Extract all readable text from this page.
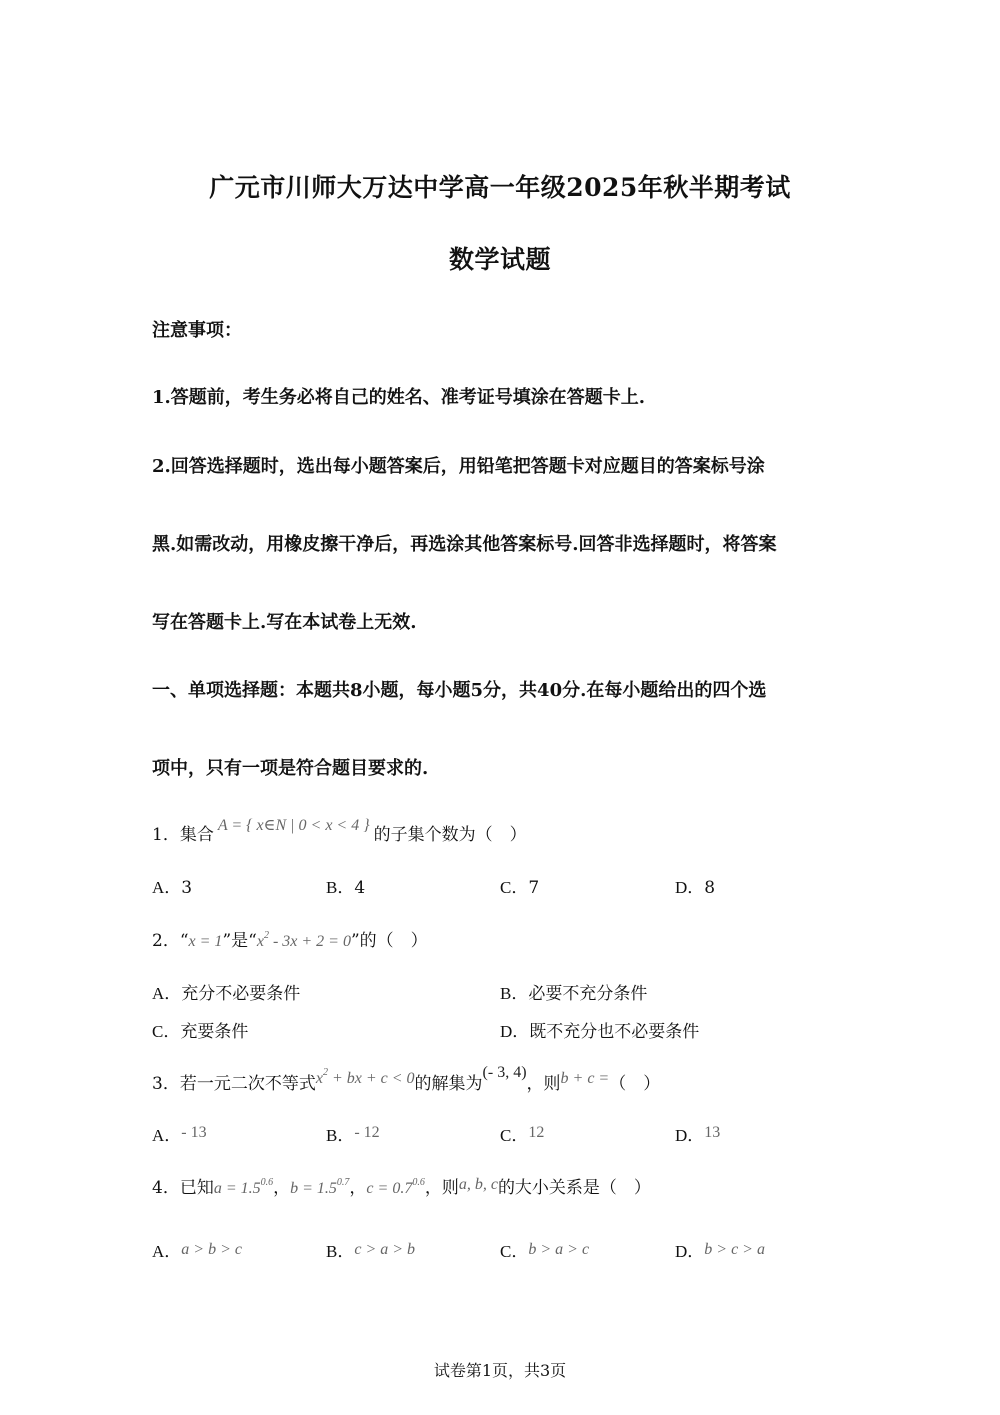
广元市川师大万达中学高一年级2025年秋半期考试
数学试题
注意事项：
1.答题前，考生务必将自己的姓名、准考证号填涂在答题卡上.
2.回答选择题时，选出每小题答案后，用铅笔把答题卡对应题目的答案标号涂
黑.如需改动，用橡皮擦干净后，再选涂其他答案标号.回答非选择题时，将答案
写在答题卡上.写在本试卷上无效.
一、单项选择题：本题共8小题，每小题5分，共40分.在每小题给出的四个选
项中，只有一项是符合题目要求的.
1．集合 A = { x∈N | 0 < x < 4 } 的子集个数为（　）
A．3	B．4	C．7	D．8
2．“x = 1”是“$x^2 - 3x + 2 = 0$”的（　）
A．充分不必要条件	B．必要不充分条件
C．充要条件	D．既不充分也不必要条件
3．若一元二次不等式$x^2$ + bx + c < 0的解集为(- 3, 4)，则b + c =（　）
A．- 13	B．- 12	C．12	D．13
4．已知$a = 1.5^{0.6}$，$b = 1.5^{0.7}$，$c = 0.7^{0.6}$，则a, b, c的大小关系是（　）
A．a > b > c	B．c > a > b	C．b > a > c	D．b > c > a
试卷第1页，共3页
